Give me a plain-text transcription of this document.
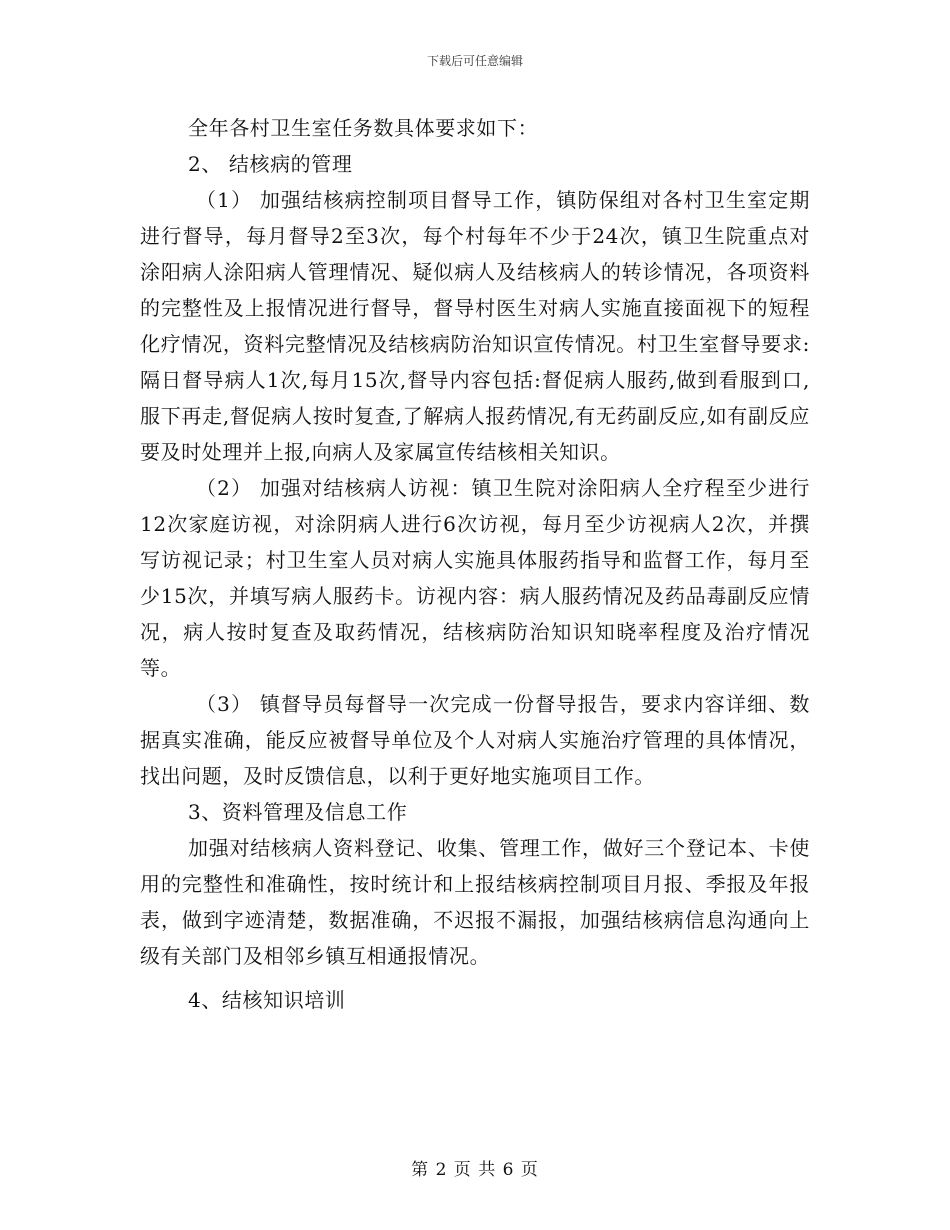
下载后可任意编辑

全年各村卫生室任务数具体要求如下：

2、 结核病的管理

（1） 加强结核病控制项目督导工作，镇防保组对各村卫生室定期进行督导，每月督导2至3次，每个村每年不少于24次，镇卫生院重点对涂阳病人涂阳病人管理情况、疑似病人及结核病人的转诊情况，各项资料的完整性及上报情况进行督导，督导村医生对病人实施直接面视下的短程化疗情况，资料完整情况及结核病防治知识宣传情况。村卫生室督导要求:隔日督导病人1次,每月15次,督导内容包括:督促病人服药,做到看服到口,服下再走,督促病人按时复查,了解病人报药情况,有无药副反应,如有副反应要及时处理并上报,向病人及家属宣传结核相关知识。

（2） 加强对结核病人访视：镇卫生院对涂阳病人全疗程至少进行12次家庭访视，对涂阴病人进行6次访视，每月至少访视病人2次，并撰写访视记录；村卫生室人员对病人实施具体服药指导和监督工作，每月至少15次，并填写病人服药卡。访视内容：病人服药情况及药品毒副反应情况，病人按时复查及取药情况，结核病防治知识知晓率程度及治疗情况等。

（3） 镇督导员每督导一次完成一份督导报告，要求内容详细、数据真实准确，能反应被督导单位及个人对病人实施治疗管理的具体情况，找出问题，及时反馈信息，以利于更好地实施项目工作。

3、资料管理及信息工作

加强对结核病人资料登记、收集、管理工作，做好三个登记本、卡使用的完整性和准确性，按时统计和上报结核病控制项目月报、季报及年报表，做到字迹清楚，数据准确，不迟报不漏报，加强结核病信息沟通向上级有关部门及相邻乡镇互相通报情况。

4、结核知识培训

第 2 页 共 6 页
